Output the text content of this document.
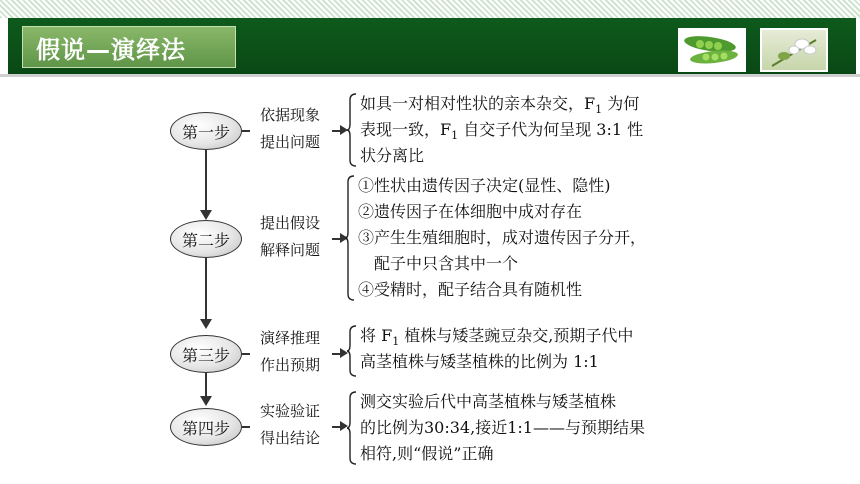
假说—演绎法
第一步
依据现象
提出问题
如具一对相对性状的亲本杂交，$F_1$ 为何
表现一致，$F_1$ 自交子代为何呈现 3:1 性
状分离比
第二步
提出假设
解释问题
①性状由遗传因子决定(显性、隐性)
②遗传因子在体细胞中成对存在
③产生生殖细胞时，成对遗传因子分开，
配子中只含其中一个
④受精时，配子结合具有随机性
第三步
演绎推理
作出预期
将 $F_1$ 植株与矮茎豌豆杂交,预期子代中
高茎植株与矮茎植株的比例为 1:1
第四步
实验验证
得出结论
测交实验后代中高茎植株与矮茎植株
的比例为30:34,接近1:1——与预期结果
相符,则“假说”正确
